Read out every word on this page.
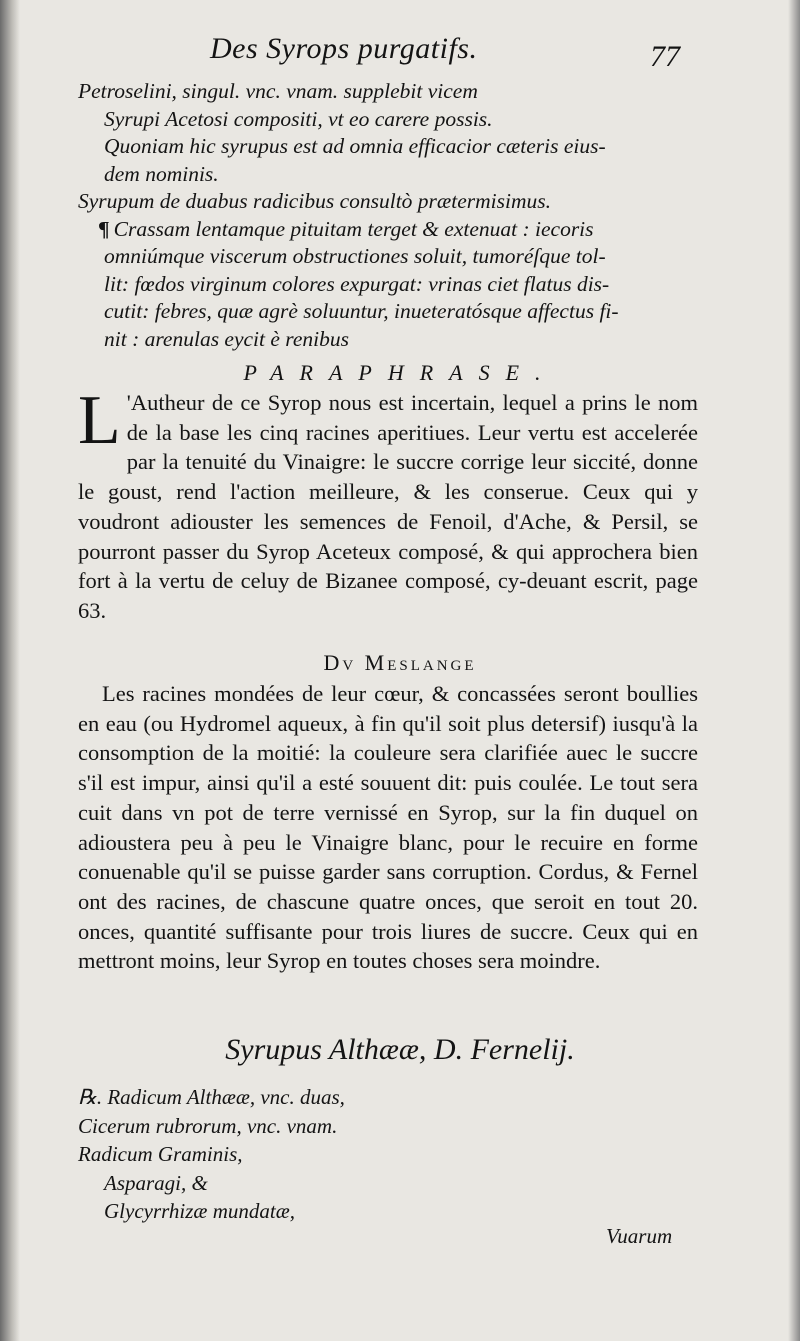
Des Syrops purgatifs.	77
Petroselini, singul. vnc. vnam. supplebit vicem
Syrupi Acetosi compositi, vt eo carere possis.
Quoniam hic syrupus est ad omnia efficacior cæteris eius-
dem nominis.
Syrupum de duabus radicibus consultò prætermisimus.
¶ Crassam lentamque pituitam terget & extenuat : iecoris
omniúmque viscerum obstructiones soluit, tumoréſque tol-
lit: fœdos virginum colores expurgat: vrinas ciet flatus dis-
cutit: febres, quæ agrè soluuntur, inueteratósque affectus fi-
nit : arenulas eycit è renibus
PARAPHRASE.
L 'Autheur de ce Syrop nous est incertain, lequel a prins le nom de la base les cinq racines aperitiues. Leur vertu est accelerée par la tenuité du Vinaigre: le succre corrige leur siccité, donne le goust, rend l'action meilleure, & les conserue. Ceux qui y voudront adiouster les semences de Fenoil, d'Ache, & Persil, se pourront passer du Syrop Aceteux composé, & qui approchera bien fort à la vertu de celuy de Bizanee composé, cy-deuant escrit, page 63.
Dv Meslange
Les racines mondées de leur cœur, & concassées seront boullies en eau (ou Hydromel aqueux, à fin qu'il soit plus detersif) iusqu'à la consomption de la moitié: la couleure sera clarifiée auec le succre s'il est impur, ainsi qu'il a esté souuent dit: puis coulée. Le tout sera cuit dans vn pot de terre vernissé en Syrop, sur la fin duquel on adioustera peu à peu le Vinaigre blanc, pour le recuire en forme conuenable qu'il se puisse garder sans corruption. Cordus, & Fernel ont des racines, de chascune quatre onces, que seroit en tout 20. onces, quantité suffisante pour trois liures de succre. Ceux qui en mettront moins, leur Syrop en toutes choses sera moindre.
Syrupus Althææ, D. Fernelij.
℞. Radicum Althææ, vnc. duas,
Cicerum rubrorum, vnc. vnam.
Radicum Graminis,
Asparagi, &
Glycyrrhizæ mundatæ,
Vuarum
